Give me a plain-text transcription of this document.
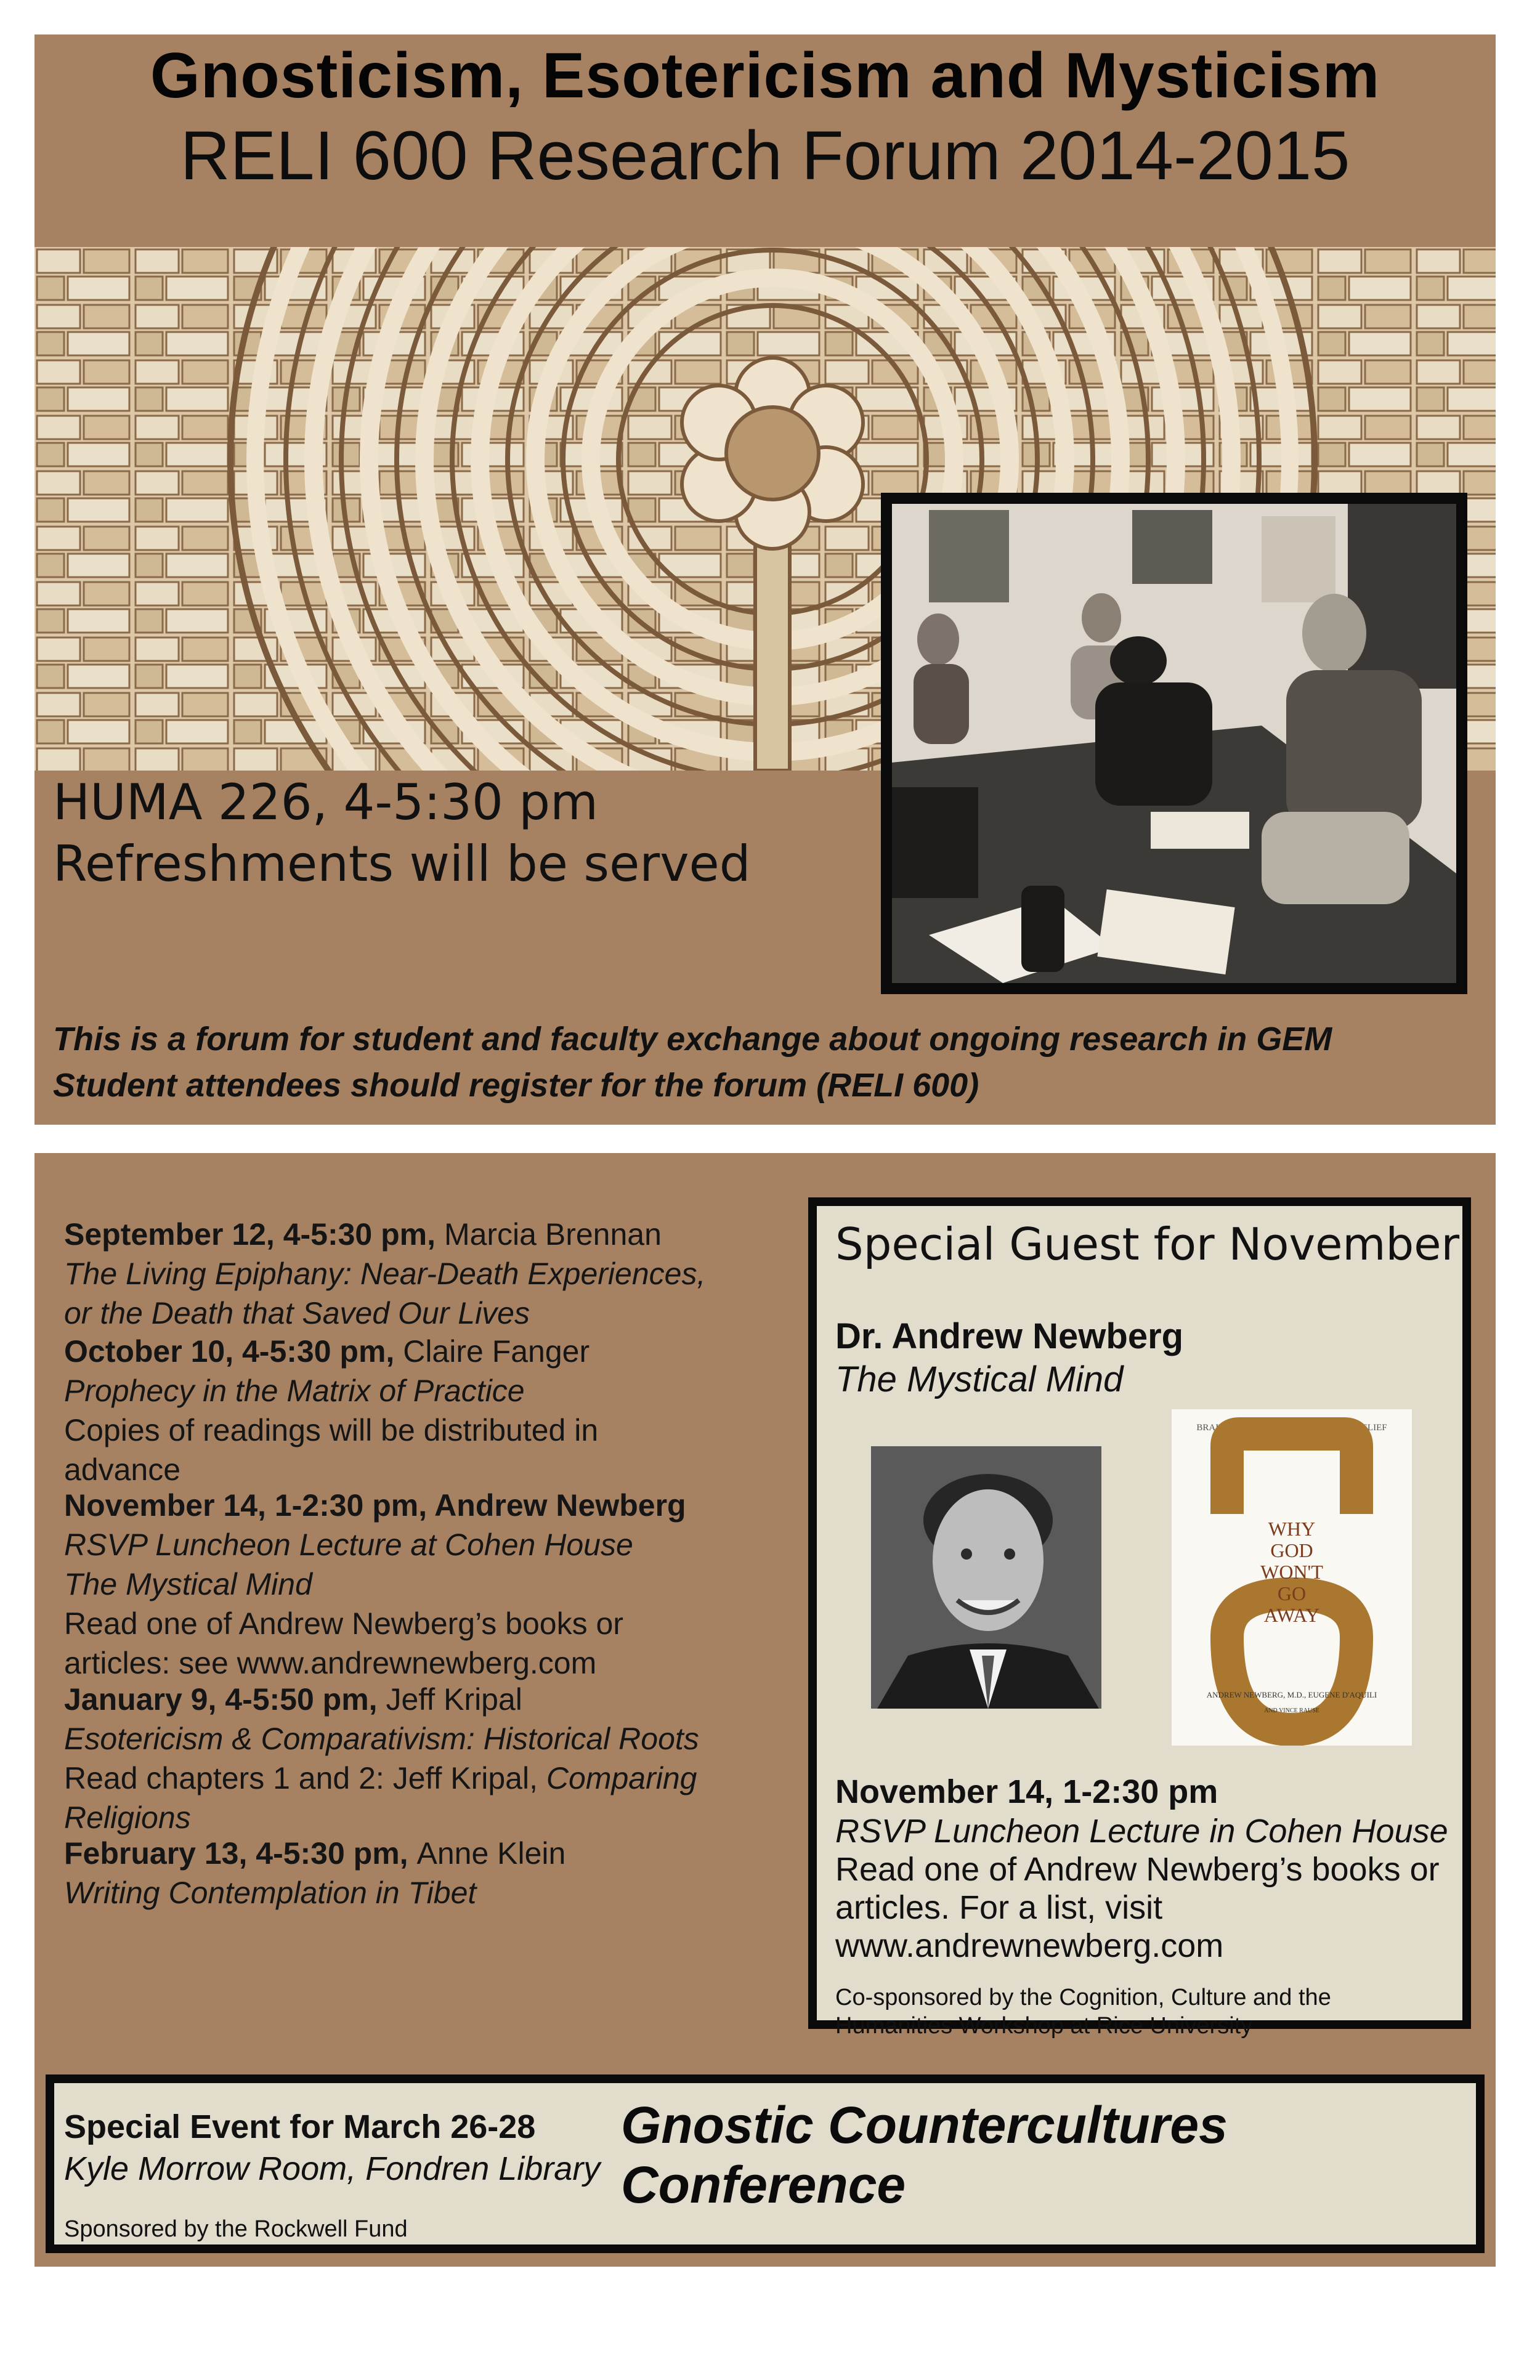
Gnosticism, Esotericism and Mysticism
RELI 600 Research Forum 2014-2015
HUMA 226, 4-5:30 pm
Refreshments will be served
This is a forum for student and faculty exchange about ongoing research in GEM
Student attendees should register for the forum (RELI 600)
September 12, 4-5:30 pm, Marcia Brennan
The Living Epiphany: Near-Death Experiences,
or the Death that Saved Our Lives
October 10, 4-5:30 pm, Claire Fanger
Prophecy in the Matrix of Practice
Copies of readings will be distributed in
advance
November 14, 1-2:30 pm, Andrew Newberg
RSVP Luncheon Lecture at Cohen House
The Mystical Mind
Read one of Andrew Newberg’s books or
articles: see www.andrewnewberg.com
January 9, 4-5:50 pm, Jeff Kripal
Esotericism & Comparativism: Historical Roots
Read chapters 1 and 2: Jeff Kripal, Comparing
Religions
February 13, 4-5:30 pm, Anne Klein
Writing Contemplation in Tibet
Special Guest for November
Dr. Andrew Newberg
The Mystical Mind
BRAIN SCIENCE & THE BIOLOGY OF BELIEF
WHY
GOD
WON'T
GO
AWAY
ANDREW NEWBERG, M.D., EUGENE D'AQUILI
AND VINCE RAUSE
November 14, 1-2:30 pm
RSVP Luncheon Lecture in Cohen House
Read one of Andrew Newberg’s books or
articles. For a list, visit
www.andrewnewberg.com
Co-sponsored by the Cognition, Culture and the
Humanities Workshop at Rice University
Special Event for March 26-28
Kyle Morrow Room, Fondren Library
Sponsored by the Rockwell Fund
Gnostic Countercultures Conference
